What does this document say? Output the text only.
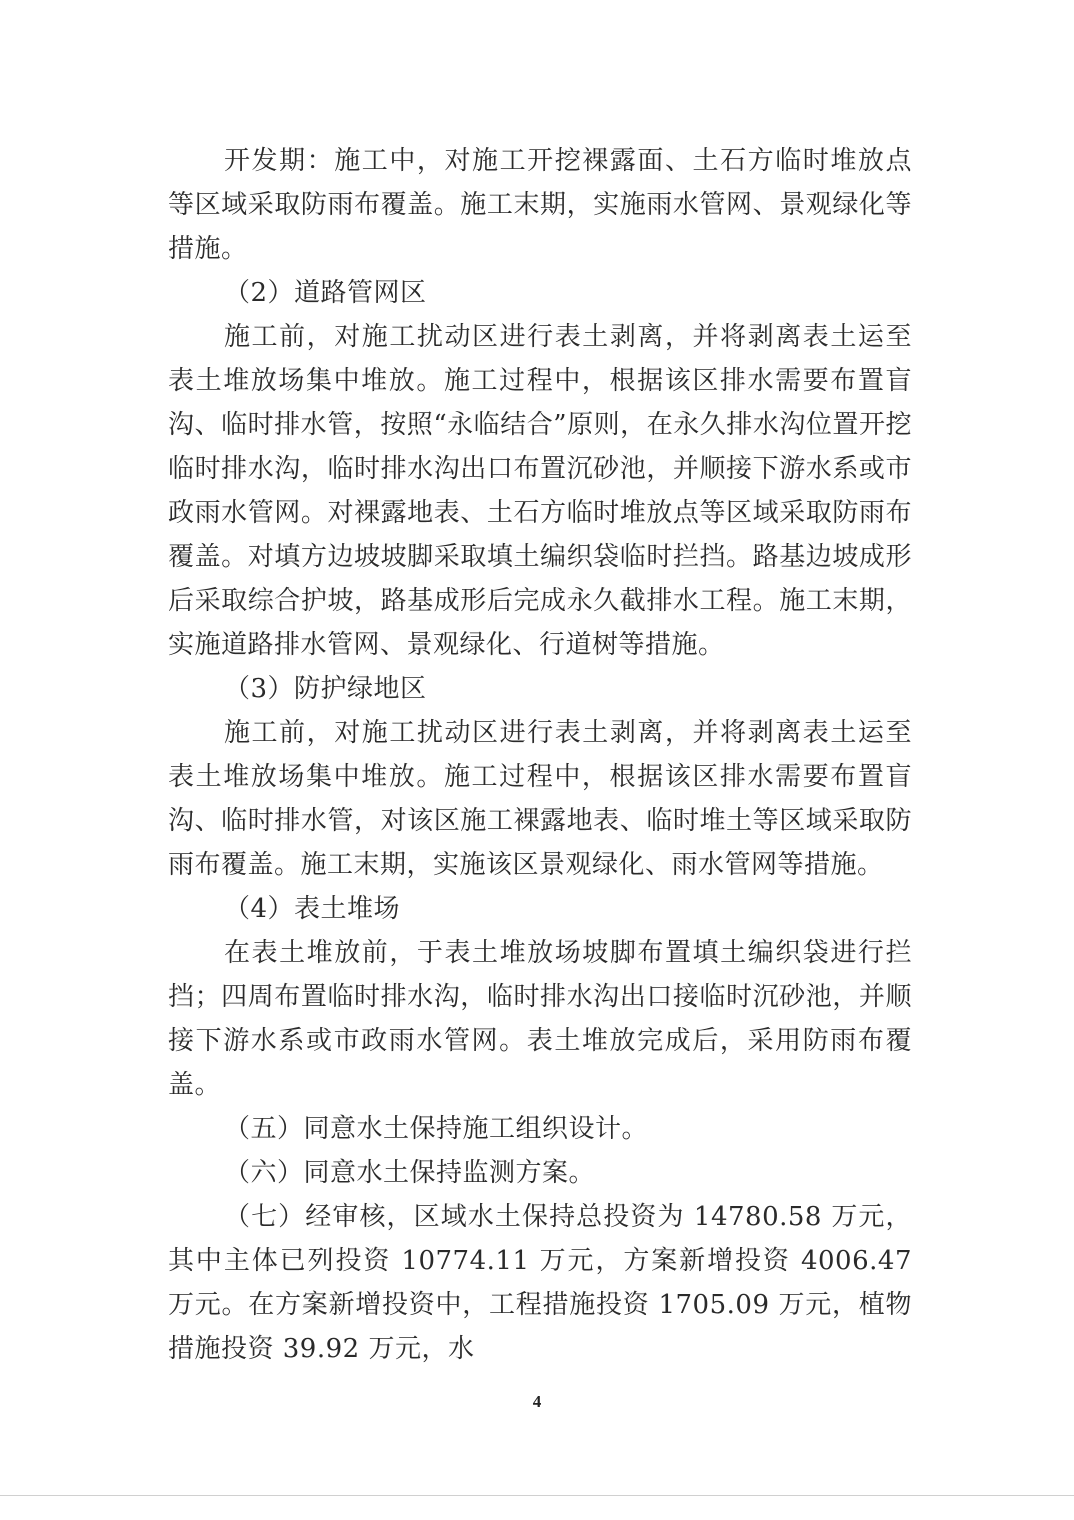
开发期：施工中，对施工开挖裸露面、土石方临时堆放点等区域采取防雨布覆盖。施工末期，实施雨水管网、景观绿化等措施。

（2）道路管网区

施工前，对施工扰动区进行表土剥离，并将剥离表土运至表土堆放场集中堆放。施工过程中，根据该区排水需要布置盲沟、临时排水管，按照“永临结合”原则，在永久排水沟位置开挖临时排水沟，临时排水沟出口布置沉砂池，并顺接下游水系或市政雨水管网。对裸露地表、土石方临时堆放点等区域采取防雨布覆盖。对填方边坡坡脚采取填土编织袋临时拦挡。路基边坡成形后采取综合护坡，路基成形后完成永久截排水工程。施工末期，实施道路排水管网、景观绿化、行道树等措施。

（3）防护绿地区

施工前，对施工扰动区进行表土剥离，并将剥离表土运至表土堆放场集中堆放。施工过程中，根据该区排水需要布置盲沟、临时排水管，对该区施工裸露地表、临时堆土等区域采取防雨布覆盖。施工末期，实施该区景观绿化、雨水管网等措施。

（4）表土堆场

在表土堆放前，于表土堆放场坡脚布置填土编织袋进行拦挡；四周布置临时排水沟，临时排水沟出口接临时沉砂池，并顺接下游水系或市政雨水管网。表土堆放完成后，采用防雨布覆盖。

（五）同意水土保持施工组织设计。

（六）同意水土保持监测方案。

（七）经审核，区域水土保持总投资为 14780.58 万元，其中主体已列投资 10774.11 万元，方案新增投资 4006.47 万元。在方案新增投资中，工程措施投资 1705.09 万元，植物措施投资 39.92 万元，水

4
